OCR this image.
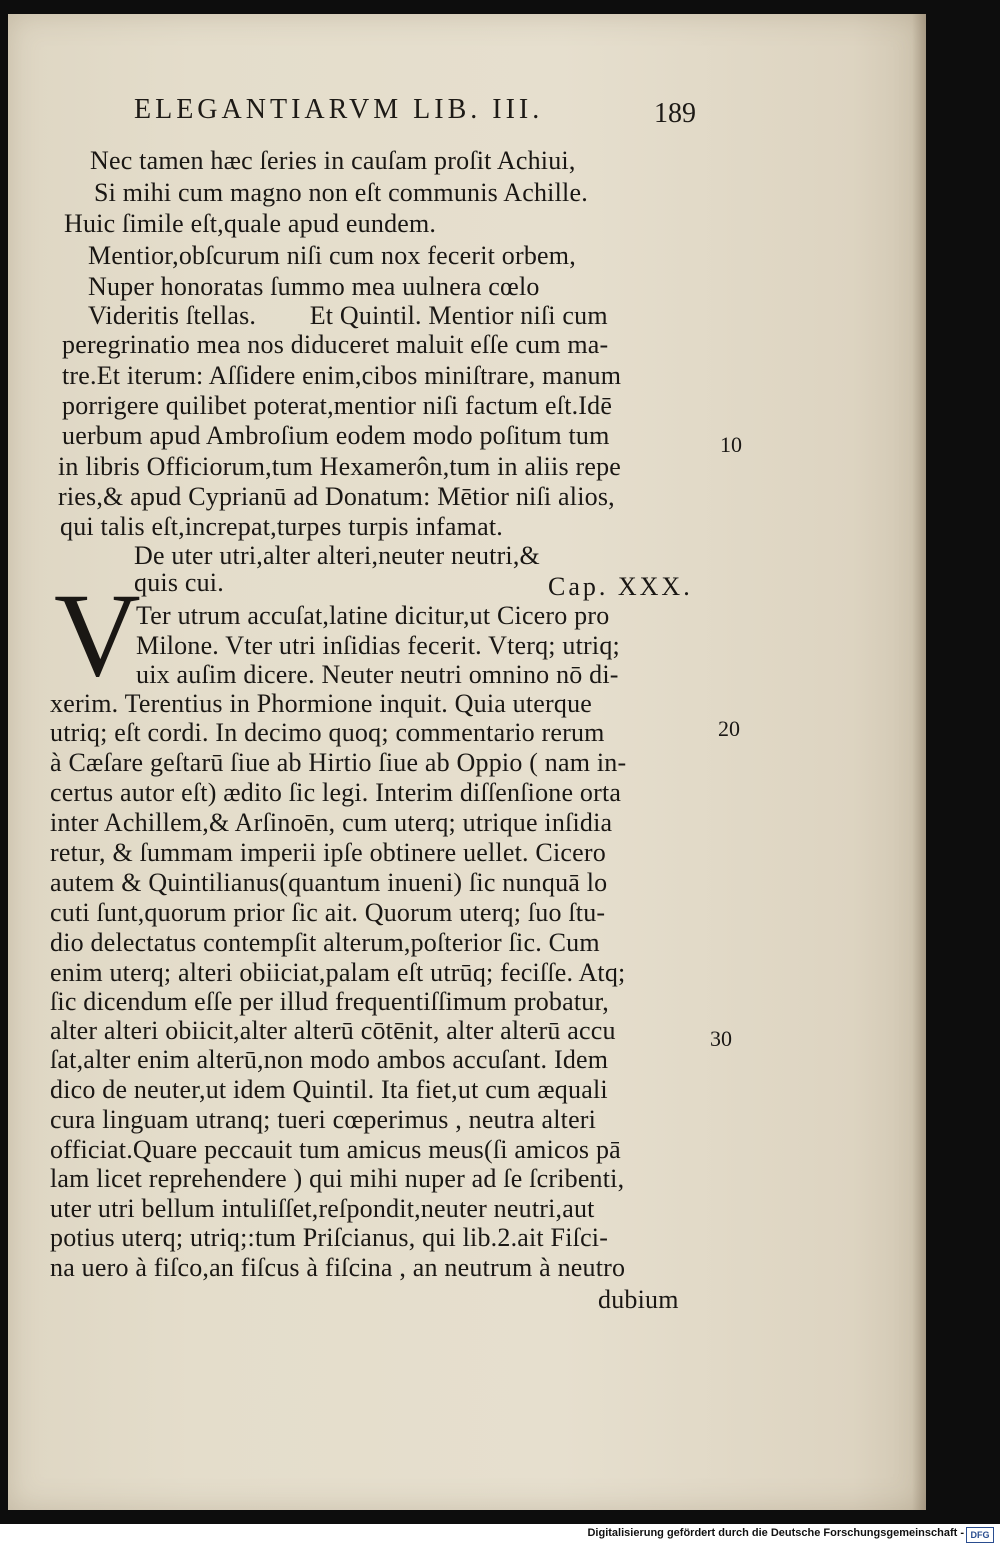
ELEGANTIARVM LIB. III.	189
V
Nec tamen hæc ſeries in cauſam proſit Achiui,
Si mihi cum magno non eſt communis Achille.
Huic ſimile eſt,quale apud eundem.
Mentior,obſcurum niſi cum nox fecerit orbem,
Nuper honoratas ſummo mea uulnera cœlo
Videritis ſtellas.        Et Quintil. Mentior niſi cum
peregrinatio mea nos diduceret maluit eſſe cum ma-
tre.Et iterum: Aſſidere enim,cibos miniſtrare, manum
porrigere quilibet poterat,mentior niſi factum eſt.Idē
uerbum apud Ambroſium eodem modo poſitum tum
in libris Officiorum,tum Hexamerôn,tum in aliis repe
ries,& apud Cyprianū ad Donatum: Mētior niſi alios,
qui talis eſt,increpat,turpes turpis infamat.
De uter utri,alter alteri,neuter neutri,&
quis cui.	Cap. XXX.
Ter utrum accuſat,latine dicitur,ut Cicero pro
Milone. Vter utri inſidias fecerit. Vterq; utriq;
uix auſim dicere. Neuter neutri omnino nō di-
xerim. Terentius in Phormione inquit. Quia uterque
utriq; eſt cordi. In decimo quoq; commentario rerum
à Cæſare geſtarū ſiue ab Hirtio ſiue ab Oppio ( nam in-
certus autor eſt) ædito ſic legi. Interim diſſenſione orta
inter Achillem,& Arſinoēn, cum uterq; utrique inſidia
retur, & ſummam imperii ipſe obtinere uellet. Cicero
autem & Quintilianus(quantum inueni) ſic nunquā lo
cuti ſunt,quorum prior ſic ait. Quorum uterq; ſuo ſtu-
dio delectatus contempſit alterum,poſterior ſic. Cum
enim uterq; alteri obiiciat,palam eſt utrūq; feciſſe. Atq;
ſic dicendum eſſe per illud frequentiſſimum probatur,
alter alteri obiicit,alter alterū cōtēnit, alter alterū accu
ſat,alter enim alterū,non modo ambos accuſant. Idem
dico de neuter,ut idem Quintil. Ita fiet,ut cum æquali
cura linguam utranq; tueri cœperimus , neutra alteri
officiat.Quare peccauit tum amicus meus(ſi amicos pā
lam licet reprehendere ) qui mihi nuper ad ſe ſcribenti,
uter utri bellum intuliſſet,reſpondit,neuter neutri,aut
potius uterq; utriq;:tum Priſcianus, qui lib.2.ait Fiſci-
na uero à fiſco,an fiſcus à fiſcina , an neutrum à neutro
dubium
10
20
30
Digitalisierung gefördert durch die Deutsche Forschungsgemeinschaft - DFG
